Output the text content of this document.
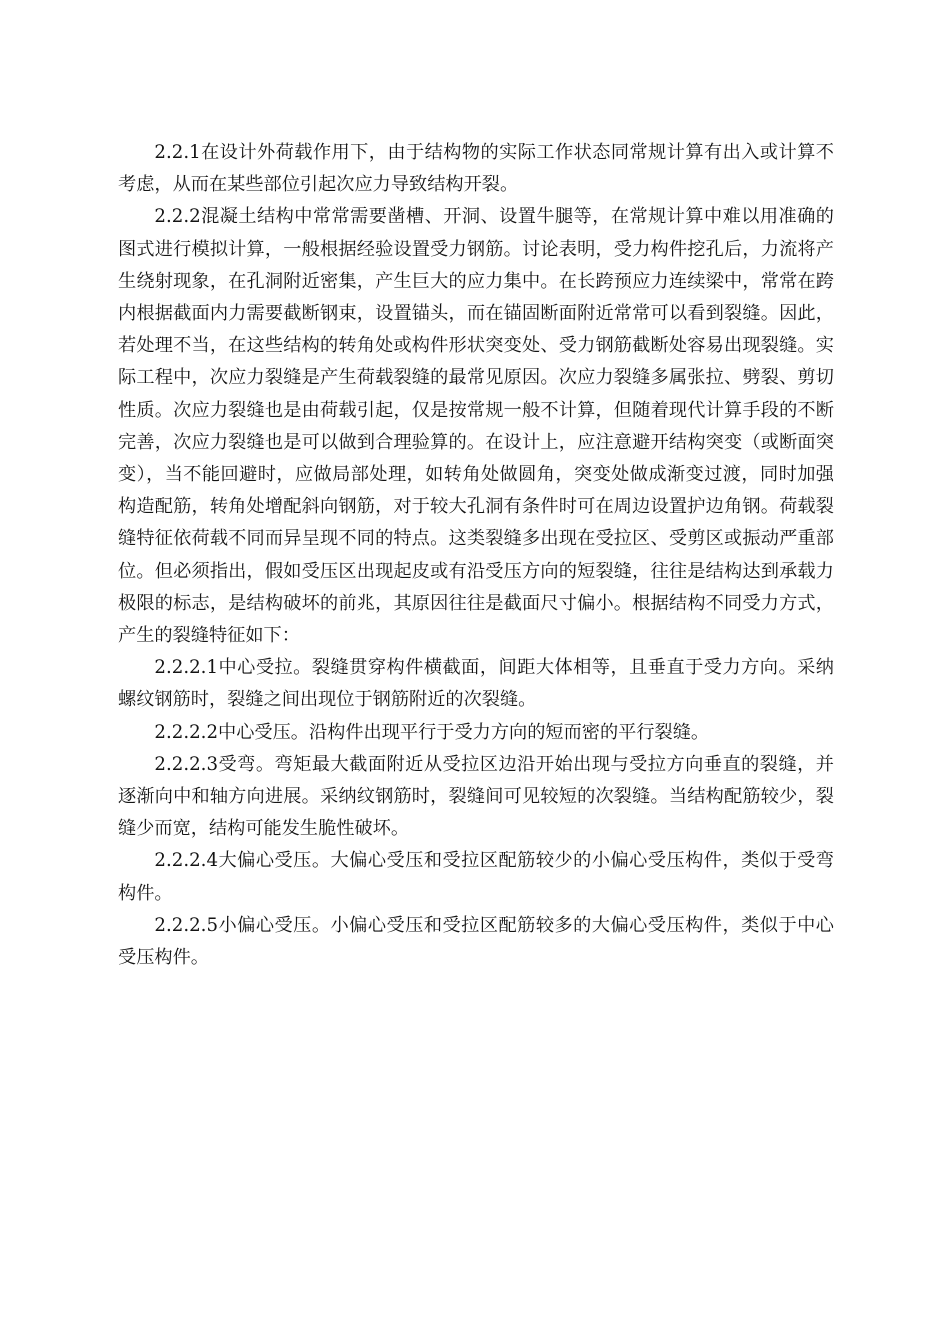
2.2.1在设计外荷载作用下，由于结构物的实际工作状态同常规计算有出入或计算不考虑，从而在某些部位引起次应力导致结构开裂。

2.2.2混凝土结构中常常需要凿槽、开洞、设置牛腿等，在常规计算中难以用准确的图式进行模拟计算，一般根据经验设置受力钢筋。讨论表明，受力构件挖孔后，力流将产生绕射现象，在孔洞附近密集，产生巨大的应力集中。在长跨预应力连续梁中，常常在跨内根据截面内力需要截断钢束，设置锚头，而在锚固断面附近常常可以看到裂缝。因此，若处理不当，在这些结构的转角处或构件形状突变处、受力钢筋截断处容易出现裂缝。实际工程中，次应力裂缝是产生荷载裂缝的最常见原因。次应力裂缝多属张拉、劈裂、剪切性质。次应力裂缝也是由荷载引起，仅是按常规一般不计算，但随着现代计算手段的不断完善，次应力裂缝也是可以做到合理验算的。在设计上，应注意避开结构突变（或断面突变），当不能回避时，应做局部处理，如转角处做圆角，突变处做成渐变过渡，同时加强构造配筋，转角处增配斜向钢筋，对于较大孔洞有条件时可在周边设置护边角钢。荷载裂缝特征依荷载不同而异呈现不同的特点。这类裂缝多出现在受拉区、受剪区或振动严重部位。但必须指出，假如受压区出现起皮或有沿受压方向的短裂缝，往往是结构达到承载力极限的标志，是结构破坏的前兆，其原因往往是截面尺寸偏小。根据结构不同受力方式，产生的裂缝特征如下：

2.2.2.1中心受拉。裂缝贯穿构件横截面，间距大体相等，且垂直于受力方向。采纳螺纹钢筋时，裂缝之间出现位于钢筋附近的次裂缝。

2.2.2.2中心受压。沿构件出现平行于受力方向的短而密的平行裂缝。

2.2.2.3受弯。弯矩最大截面附近从受拉区边沿开始出现与受拉方向垂直的裂缝，并逐渐向中和轴方向进展。采纳纹钢筋时，裂缝间可见较短的次裂缝。当结构配筋较少，裂缝少而宽，结构可能发生脆性破坏。

2.2.2.4大偏心受压。大偏心受压和受拉区配筋较少的小偏心受压构件，类似于受弯构件。

2.2.2.5小偏心受压。小偏心受压和受拉区配筋较多的大偏心受压构件，类似于中心受压构件。
